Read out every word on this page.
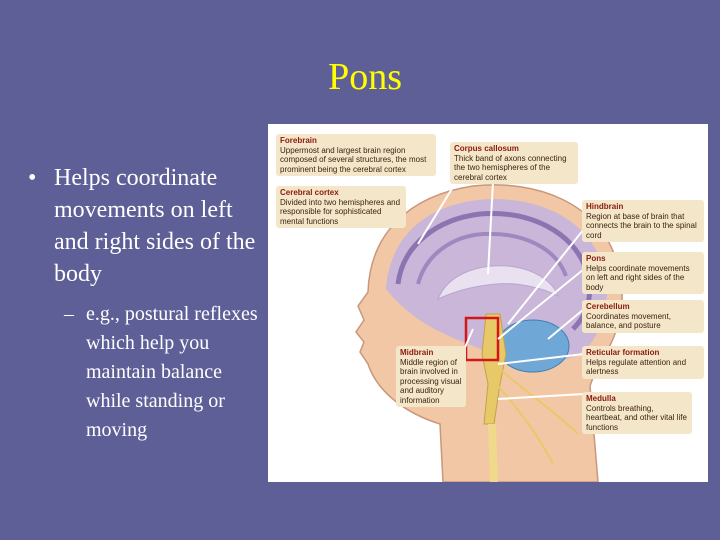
Pons
• Helps coordinate movements on left and right sides of the body
– e.g., postural reflexes which help you maintain balance while standing or moving
Forebrain
Uppermost and largest brain region composed of several structures, the most prominent being the cerebral cortex
Corpus callosum
Thick band of axons connecting the two hemispheres of the cerebral cortex
Cerebral cortex
Divided into two hemispheres and responsible for sophisticated mental functions
Hindbrain
Region at base of brain that connects the brain to the spinal cord
Pons
Helps coordinate movements on left and right sides of the body
Cerebellum
Coordinates movement, balance, and posture
Midbrain
Middle region of brain involved in processing visual and auditory information
Reticular formation
Helps regulate attention and alertness
Medulla
Controls breathing, heartbeat, and other vital life functions
